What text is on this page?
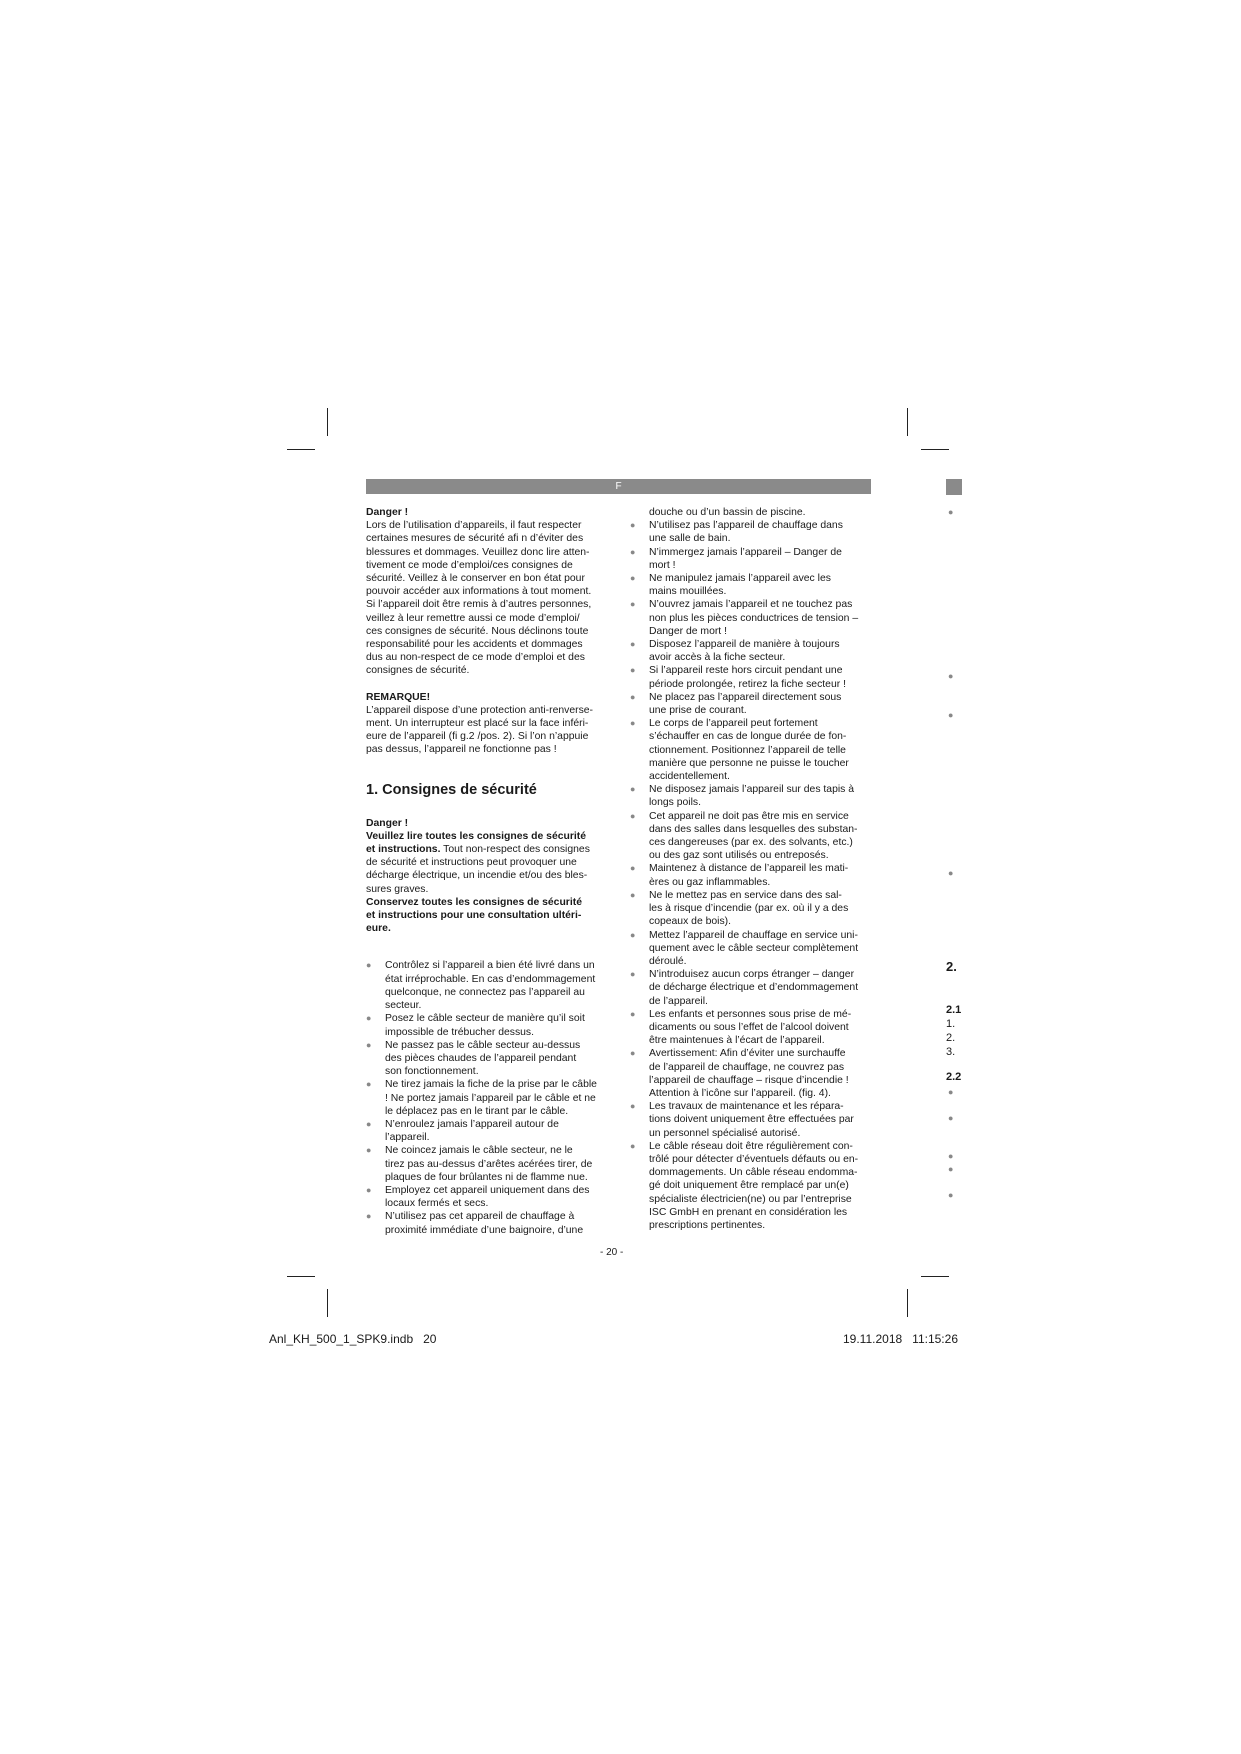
F

Danger !

Lors de l’utilisation d’appareils, il faut respecter

certaines mesures de sécurité afi n d’éviter des

blessures et dommages. Veuillez donc lire atten-

tivement ce mode d’emploi/ces consignes de

sécurité. Veillez à le conserver en bon état pour

pouvoir accéder aux informations à tout moment.

Si l’appareil doit être remis à d’autres personnes,

veillez à leur remettre aussi ce mode d’emploi/

ces consignes de sécurité. Nous déclinons toute

responsabilité pour les accidents et dommages

dus au non-respect de ce mode d’emploi et des

consignes de sécurité.

REMARQUE!

L’appareil dispose d’une protection anti-renverse-

ment. Un interrupteur est placé sur la face inféri-

eure de l’appareil (fi g.2 /pos. 2). Si l’on n’appuie

pas dessus, l’appareil ne fonctionne pas !

1. Consignes de sécurité

Danger !

Veuillez lire toutes les consignes de sécurité

et instructions. Tout non-respect des consignes

de sécurité et instructions peut provoquer une

décharge électrique, un incendie et/ou des bles-

sures graves.

Conservez toutes les consignes de sécurité

et instructions pour une consultation ultéri-

eure.

● Contrôlez si l’appareil a bien été livré dans un

état irréprochable. En cas d’endommagement

quelconque, ne connectez pas l’appareil au

secteur.

● Posez le câble secteur de manière qu’il soit

impossible de trébucher dessus.

● Ne passez pas le câble secteur au-dessus

des pièces chaudes de l’appareil pendant

son fonctionnement.

● Ne tirez jamais la fiche de la prise par le câble

! Ne portez jamais l’appareil par le câble et ne

le déplacez pas en le tirant par le câble.

● N’enroulez jamais l’appareil autour de

l’appareil.

● Ne coincez jamais le câble secteur, ne le

tirez pas au-dessus d’arêtes acérées tirer, de

plaques de four brûlantes ni de flamme nue.

● Employez cet appareil uniquement dans des

locaux fermés et secs.

● N’utilisez pas cet appareil de chauffage à

proximité immédiate d’une baignoire, d’une

douche ou d’un bassin de piscine.

● N’utilisez pas l’appareil de chauffage dans

une salle de bain.

● N’immergez jamais l’appareil – Danger de

mort !

● Ne manipulez jamais l’appareil avec les

mains mouillées.

● N’ouvrez jamais l’appareil et ne touchez pas

non plus les pièces conductrices de tension –

Danger de mort !

● Disposez l’appareil de manière à toujours

avoir accès à la fiche secteur.

● Si l’appareil reste hors circuit pendant une

période prolongée, retirez la fiche secteur !

● Ne placez pas l’appareil directement sous

une prise de courant.

● Le corps de l’appareil peut fortement

s’échauffer en cas de longue durée de fon-

ctionnement. Positionnez l’appareil de telle

manière que personne ne puisse le toucher

accidentellement.

● Ne disposez jamais l’appareil sur des tapis à

longs poils.

● Cet appareil ne doit pas être mis en service

dans des salles dans lesquelles des substan-

ces dangereuses (par ex. des solvants, etc.)

ou des gaz sont utilisés ou entreposés.

● Maintenez à distance de l’appareil les mati-

ères ou gaz inflammables.

● Ne le mettez pas en service dans des sal-

les à risque d’incendie (par ex. où il y a des

copeaux de bois).

● Mettez l’appareil de chauffage en service uni-

quement avec le câble secteur complètement

déroulé.

● N’introduisez aucun corps étranger – danger

de décharge électrique et d’endommagement

de l’appareil.

● Les enfants et personnes sous prise de mé-

dicaments ou sous l’effet de l’alcool doivent

être maintenues à l’écart de l’appareil.

● Avertissement: Afin d’éviter une surchauffe

de l’appareil de chauffage, ne couvrez pas

l’appareil de chauffage – risque d’incendie !

Attention à l’icône sur l’appareil. (fig. 4).

● Les travaux de maintenance et les répara-

tions doivent uniquement être effectuées par

un personnel spécialisé autorisé.

● Le câble réseau doit être régulièrement con-

trôlé pour détecter d’éventuels défauts ou en-

dommagements. Un câble réseau endomma-

gé doit uniquement être remplacé par un(e)

spécialiste électricien(ne) ou par l’entreprise

ISC GmbH en prenant en considération les

prescriptions pertinentes.

●
●
●
●
2.
2.1
1.
2.
3.
2.2
●
●
●
●
●
- 20 -
Anl_KH_500_1_SPK9.indb   20	19.11.2018   11:15:26
